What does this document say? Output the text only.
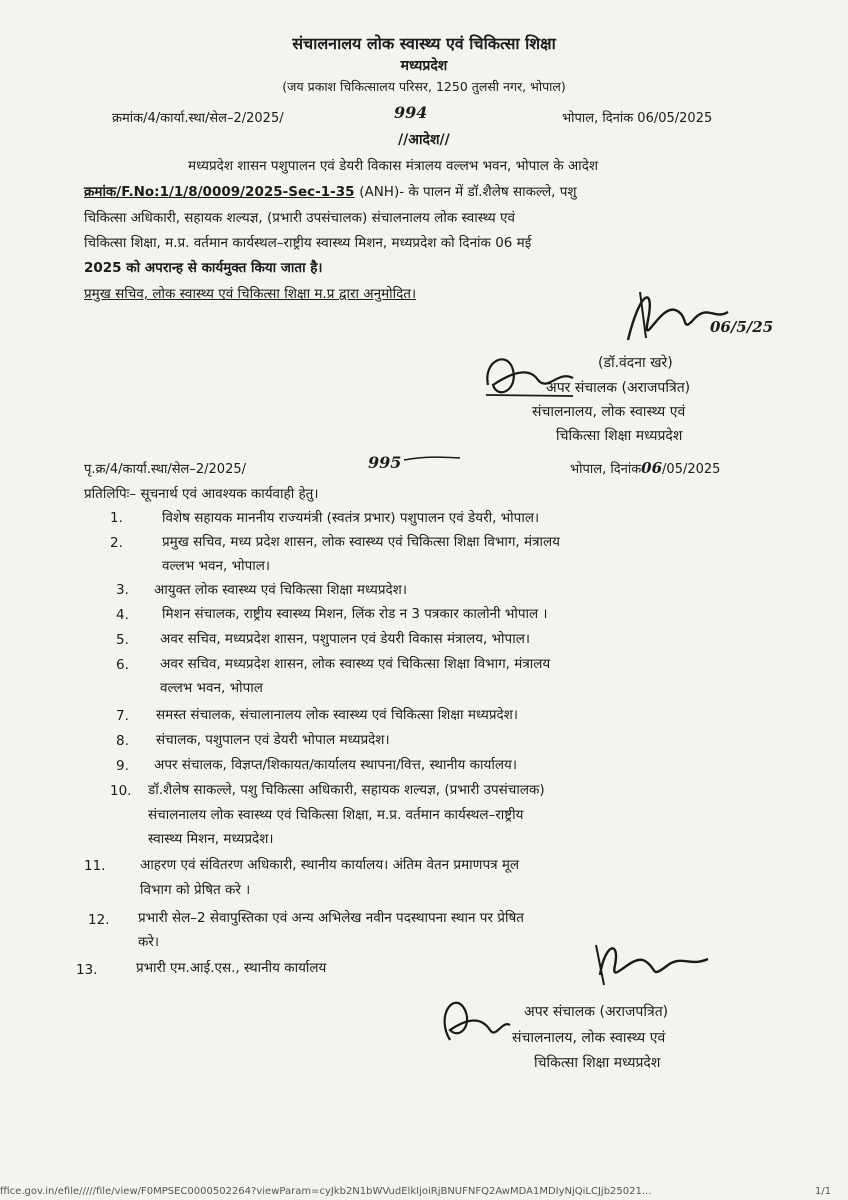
संचालनालय लोक स्वास्थ्य एवं चिकित्सा शिक्षा
मध्यप्रदेश
(जय प्रकाश चिकित्सालय परिसर, 1250 तुलसी नगर, भोपाल)
क्रमांक/4/कार्या.स्था/सेल–2/2025/	994	भोपाल, दिनांक 06/05/2025
//आदेश//
मध्यप्रदेश शासन पशुपालन एवं डेयरी विकास मंत्रालय वल्लभ भवन, भोपाल के आदेश
क्रमांक/F.No:1/1/8/0009/2025-Sec-1-35 (ANH)- के पालन में डॉ.शैलेष साकल्ले, पशु
चिकित्सा अधिकारी, सहायक शल्यज्ञ, (प्रभारी उपसंचालक) संचालनालय लोक स्वास्थ्य एवं
चिकित्सा शिक्षा, म.प्र. वर्तमान कार्यस्थल–राष्ट्रीय स्वास्थ्य मिशन, मध्यप्रदेश को दिनांक 06 मई
2025 को अपरान्ह से कार्यमुक्त किया जाता है।
प्रमुख सचिव, लोक स्वास्थ्य एवं चिकित्सा शिक्षा म.प्र द्वारा अनुमोदित।
06/5/25
(डॉ.वंदना खरे)
अपर संचालक (अराजपत्रित)
संचालनालय, लोक स्वास्थ्य एवं
चिकित्सा शिक्षा मध्यप्रदेश
पृ.क्र/4/कार्या.स्था/सेल–2/2025/	995	भोपाल, दिनांक06/05/2025
प्रतिलिपिः– सूचनार्थ एवं आवश्यक कार्यवाही हेतु।
1.	विशेष सहायक माननीय राज्यमंत्री (स्वतंत्र प्रभार) पशुपालन एवं डेयरी, भोपाल।
2.	प्रमुख सचिव, मध्य प्रदेश शासन, लोक स्वास्थ्य एवं चिकित्सा शिक्षा विभाग, मंत्रालय
वल्लभ भवन, भोपाल।
3. आयुक्त लोक स्वास्थ्य एवं चिकित्सा शिक्षा मध्यप्रदेश।
4. मिशन संचालक, राष्ट्रीय स्वास्थ्य मिशन, लिंक रोड न 3 पत्रकार कालोनी भोपाल ।
5. अवर सचिव, मध्यप्रदेश शासन, पशुपालन एवं डेयरी विकास मंत्रालय, भोपाल।
6. अवर सचिव, मध्यप्रदेश शासन, लोक स्वास्थ्य एवं चिकित्सा शिक्षा विभाग, मंत्रालय
वल्लभ भवन, भोपाल
7. समस्त संचालक, संचालानालय लोक स्वास्थ्य एवं चिकित्सा शिक्षा मध्यप्रदेश।
8. संचालक, पशुपालन एवं डेयरी भोपाल मध्यप्रदेश।
9. अपर संचालक, विज्ञप्त/शिकायत/कार्यालय स्थापना/वित्त, स्थानीय कार्यालय।
10. डॉ.शैलेष साकल्ले, पशु चिकित्सा अधिकारी, सहायक शल्यज्ञ, (प्रभारी उपसंचालक)
संचालनालय लोक स्वास्थ्य एवं चिकित्सा शिक्षा, म.प्र. वर्तमान कार्यस्थल–राष्ट्रीय
स्वास्थ्य मिशन, मध्यप्रदेश।
11.	आहरण एवं संवितरण अधिकारी, स्थानीय कार्यालय। अंतिम वेतन प्रमाणपत्र मूल
विभाग को प्रेषित करे ।
12. प्रभारी सेल–2 सेवापुस्तिका एवं अन्य अभिलेख नवीन पदस्थापना स्थान पर प्रेषित
करे।
13.	प्रभारी एम.आई.एस., स्थानीय कार्यालय
अपर संचालक (अराजपत्रित)
संचालनालय, लोक स्वास्थ्य एवं
चिकित्सा शिक्षा मध्यप्रदेश
ffice.gov.in/efile/////file/view/F0MPSEC0000502264?viewParam=cyJkb2N1bWVudElkIjoiRjBNUFNFQ2AwMDA1MDIyNjQiLCJjb25021...	1/1
